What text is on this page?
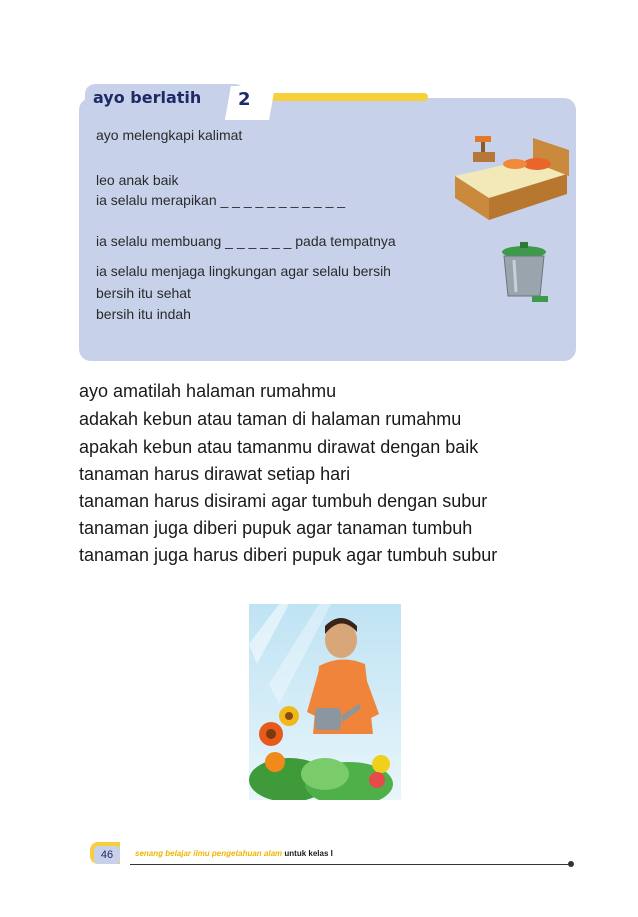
ayo berlatih 2
ayo melengkapi kalimat
leo anak baik
ia selalu merapikan _ _ _ _ _ _ _ _ _ _ _
ia selalu membuang _ _ _ _ _ _ pada tempatnya
ia selalu menjaga lingkungan agar selalu bersih
bersih itu sehat
bersih itu indah
ayo amatilah halaman rumahmu
adakah kebun atau taman di halaman rumahmu
apakah kebun atau tamanmu dirawat dengan baik
tanaman harus dirawat setiap hari
tanaman harus disirami agar tumbuh dengan subur
tanaman juga diberi pupuk agar tanaman tumbuh
tanaman juga harus diberi pupuk agar tumbuh subur
46	senang belajar ilmu pengetahuan alam untuk kelas I
